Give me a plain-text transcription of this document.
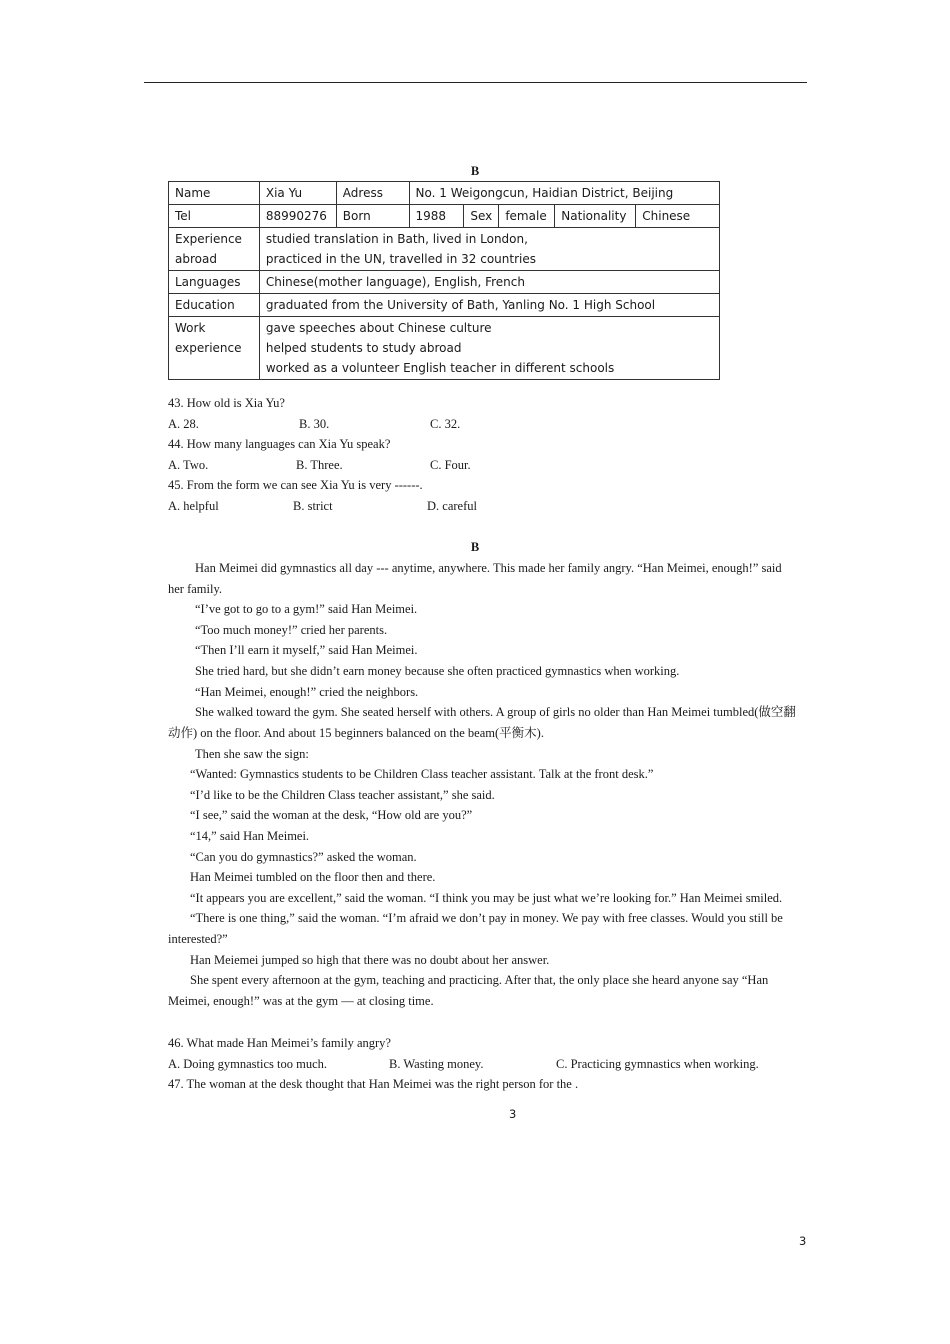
B
Name	Xia Yu	Adress	No. 1 Weigongcun, Haidian District, Beijing				
Tel	88990276	Born	1988	Sex	female	Nationality	Chinese
Experience
abroad	studied translation in Bath, lived in London,
practiced in the UN, travelled in 32 countries						
Languages	Chinese(mother language), English, French						
Education	graduated from the University of Bath, Yanling No. 1 High School						
Work
experience	gave speeches about Chinese culture
helped students to study abroad
worked as a volunteer English teacher in different schools						
43. How old is Xia Yu?
A. 28.	B. 30.	C. 32.
44. How many languages can Xia Yu speak?
A. Two.	B. Three.	C. Four.
45. From the form we can see Xia Yu is very ------.
A. helpful	B. strict	D. careful
B
Han Meimei did gymnastics all day --- anytime, anywhere. This made her family angry. “Han Meimei, enough!” said
her family.
“I’ve got to go to a gym!” said Han Meimei.
“Too much money!” cried her parents.
“Then I’ll earn it myself,” said Han Meimei.
She tried hard, but she didn’t earn money because she often practiced gymnastics when working.
“Han Meimei, enough!” cried the neighbors.
She walked toward the gym. She seated herself with others. A group of girls no older than Han Meimei tumbled(做空翻
动作) on the floor. And about 15 beginners balanced on the beam(平衡木).
Then she saw the sign:
“Wanted: Gymnastics students to be Children Class teacher assistant. Talk at the front desk.”
“I’d like to be the Children Class teacher assistant,” she said.
“I see,” said the woman at the desk, “How old are you?”
“14,” said Han Meimei.
“Can you do gymnastics?” asked the woman.
Han Meimei tumbled on the floor then and there.
“It appears you are excellent,” said the woman. “I think you may be just what we’re looking for.” Han Meimei smiled.
“There is one thing,” said the woman. “I’m afraid we don’t pay in money. We pay with free classes. Would you still be
interested?”
Han Meiemei jumped so high that there was no doubt about her answer.
She spent every afternoon at the gym, teaching and practicing. After that, the only place she heard anyone say “Han
Meimei, enough!” was at the gym — at closing time.
46. What made Han Meimei’s family angry?
A. Doing gymnastics too much.	B. Wasting money.	C. Practicing gymnastics when working.
47. The woman at the desk thought that Han Meimei was the right person for the .
3
3
